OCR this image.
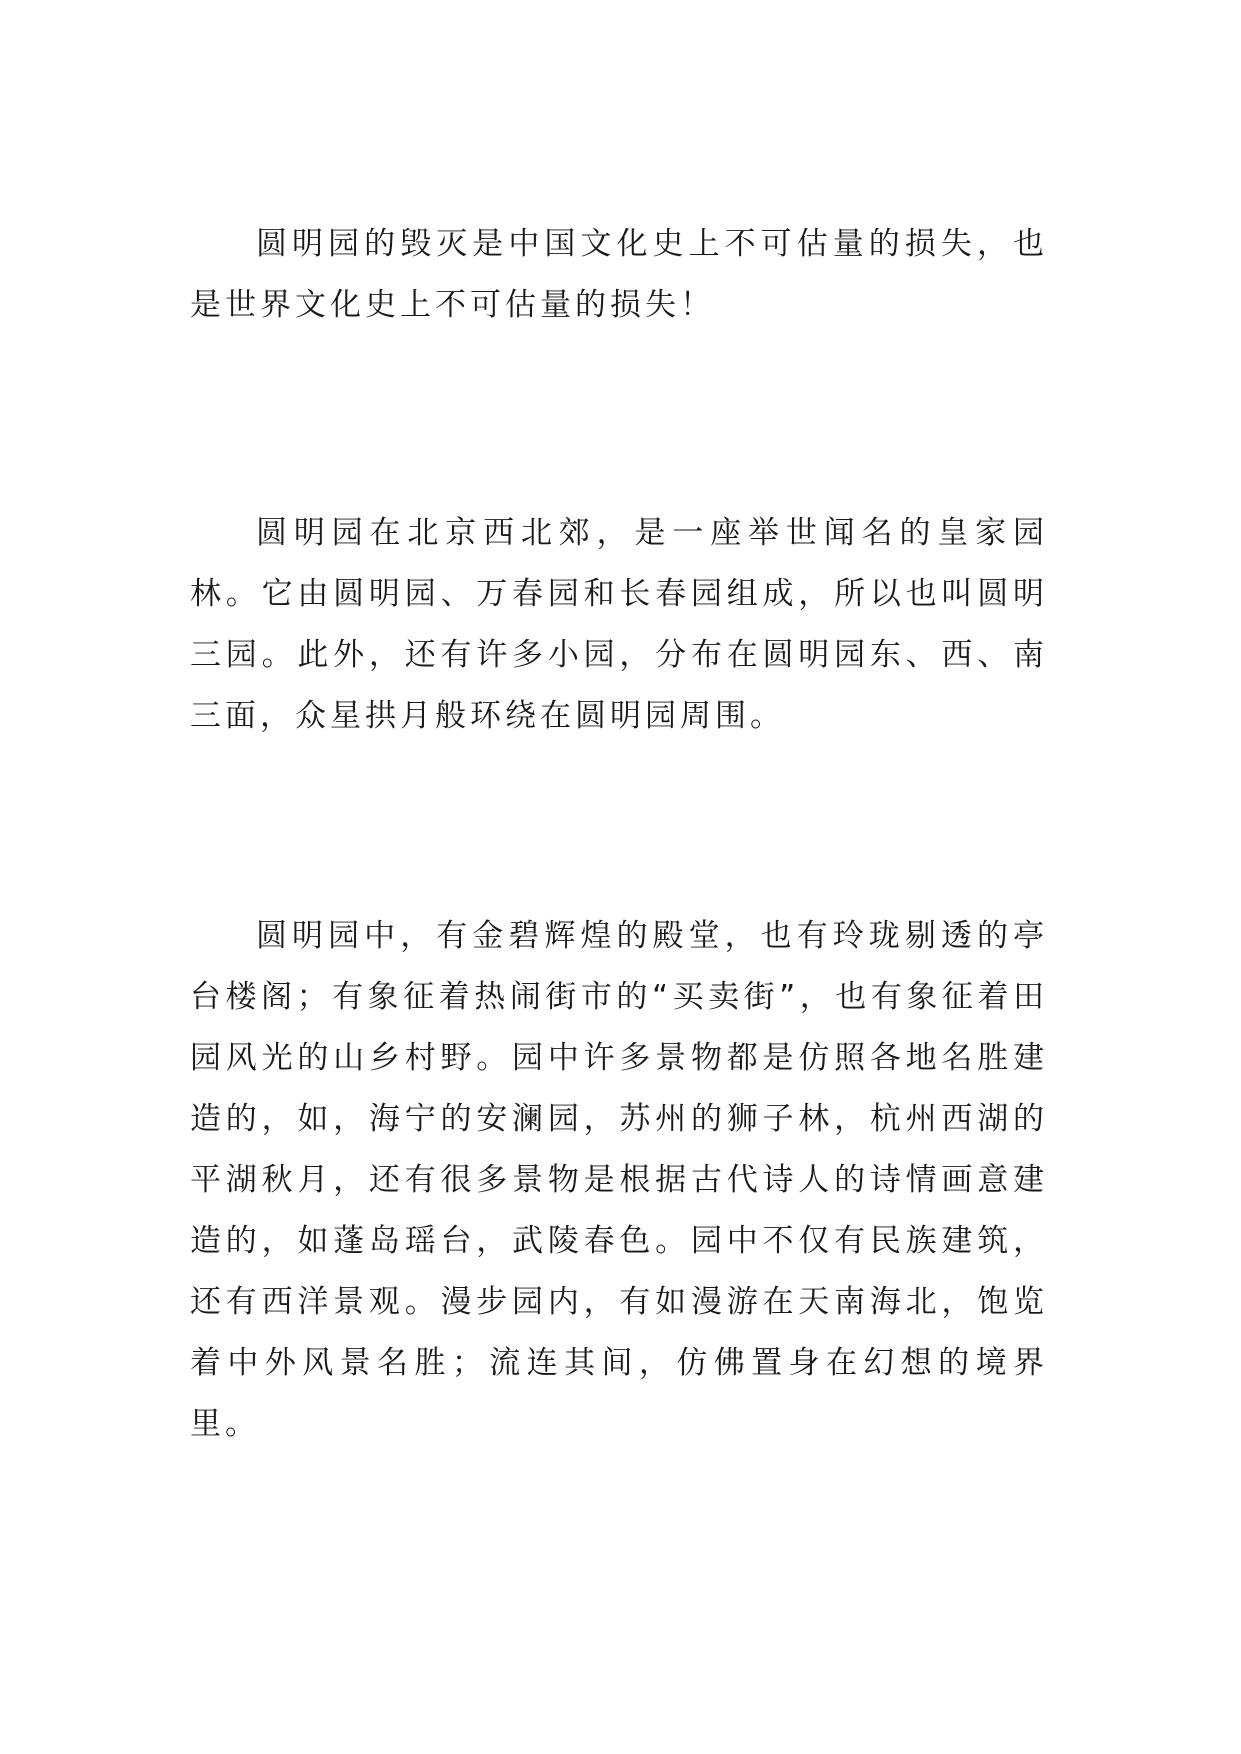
圆明园的毁灭是中国文化史上不可估量的损失，也是世界文化史上不可估量的损失！

圆明园在北京西北郊，是一座举世闻名的皇家园林。它由圆明园、万春园和长春园组成，所以也叫圆明三园。此外，还有许多小园，分布在圆明园东、西、南三面，众星拱月般环绕在圆明园周围。

圆明园中，有金碧辉煌的殿堂，也有玲珑剔透的亭台楼阁；有象征着热闹街市的“买卖街”，也有象征着田园风光的山乡村野。园中许多景物都是仿照各地名胜建造的，如，海宁的安澜园，苏州的狮子林，杭州西湖的平湖秋月，还有很多景物是根据古代诗人的诗情画意建造的，如蓬岛瑶台，武陵春色。园中不仅有民族建筑，还有西洋景观。漫步园内，有如漫游在天南海北，饱览着中外风景名胜；流连其间，仿佛置身在幻想的境界里。
